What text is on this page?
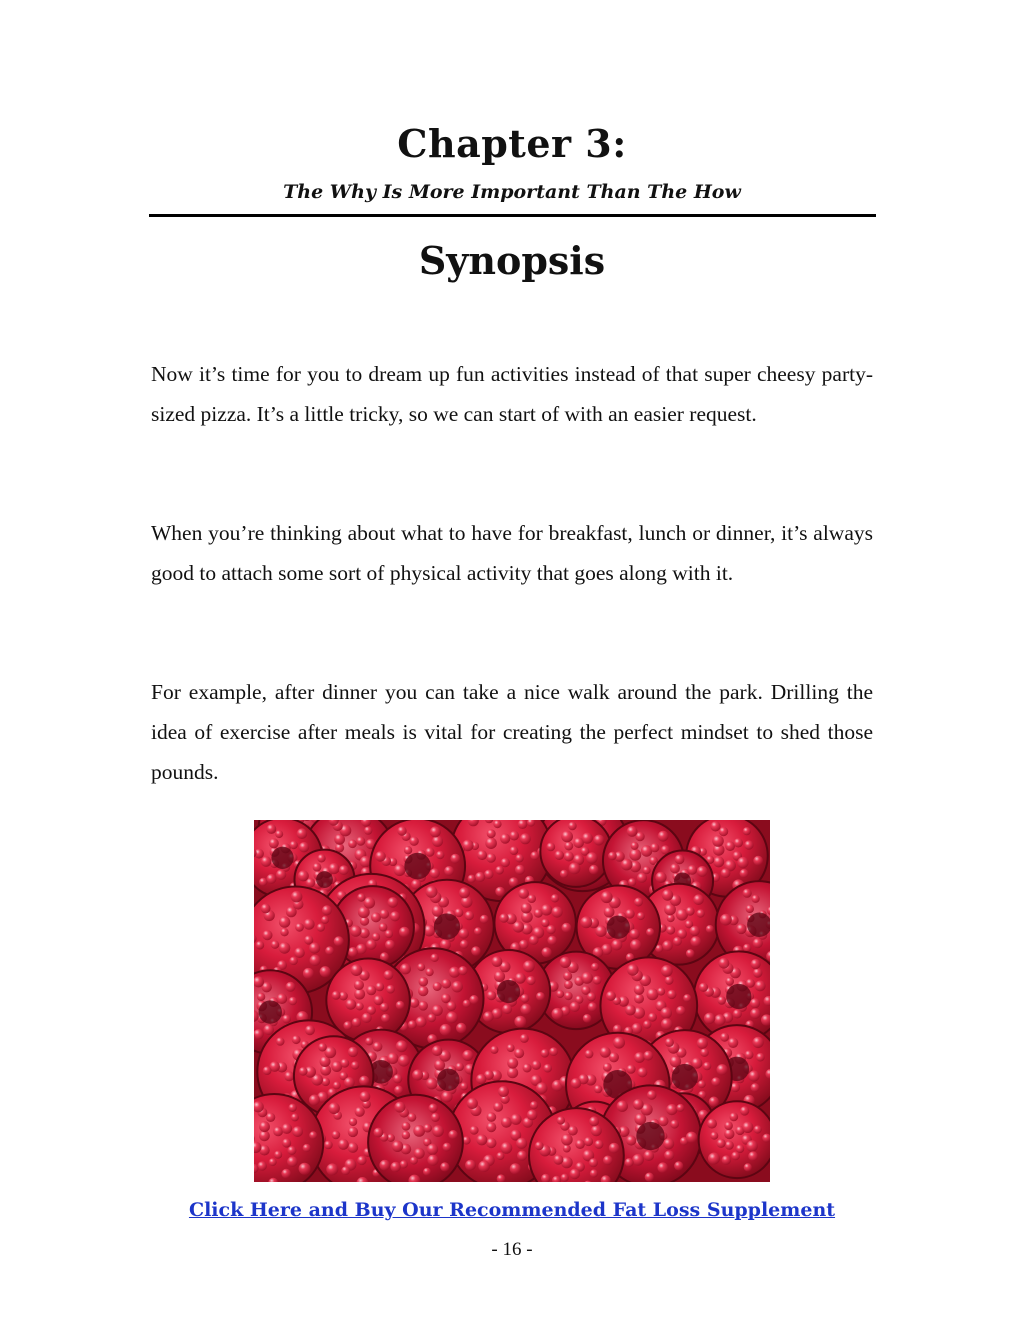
Chapter 3:
The Why Is More Important Than The How
Synopsis

Now it’s time for you to dream up fun activities instead of that super cheesy party-sized pizza. It’s a little tricky, so we can start of with an easier request.

When you’re thinking about what to have for breakfast, lunch or dinner, it’s always good to attach some sort of physical activity that goes along with it.

For example, after dinner you can take a nice walk around the park. Drilling the idea of exercise after meals is vital for creating the perfect mindset to shed those pounds.

Click Here and Buy Our Recommended Fat Loss Supplement
- 16 -
